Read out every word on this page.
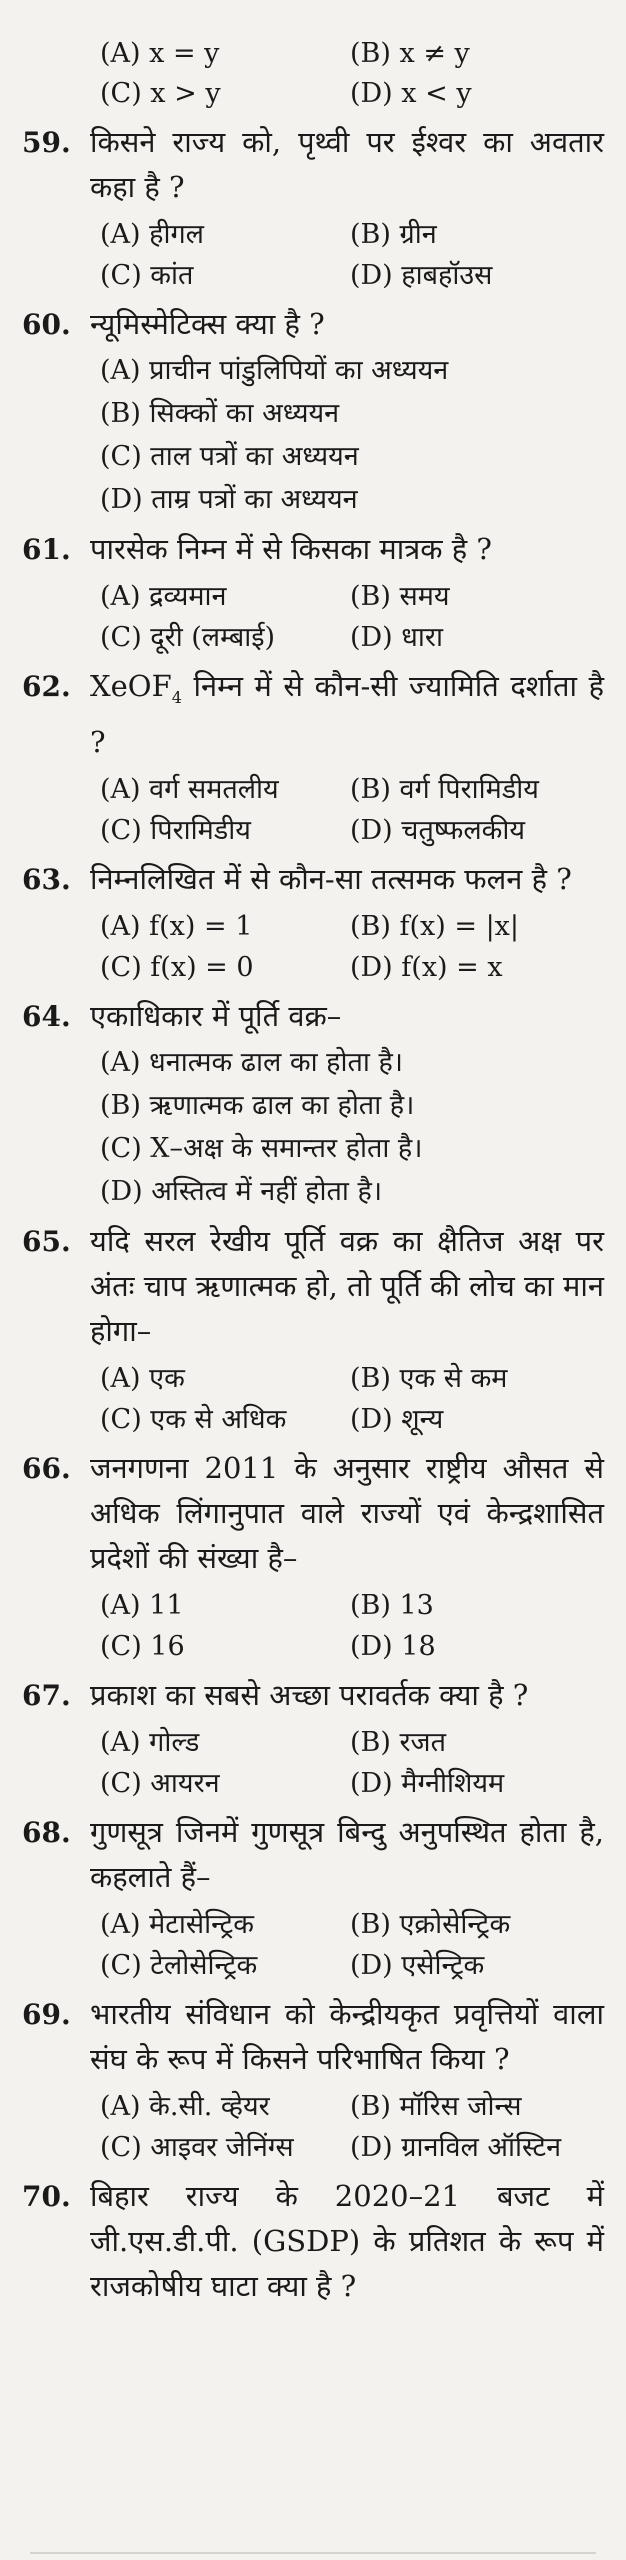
(A) x = y	(B) x ≠ y
(C) x > y	(D) x < y
59. किसने राज्य को, पृथ्वी पर ईश्वर का अवतार कहा है ?
(A) हीगल	(B) ग्रीन
(C) कांत	(D) हाबहॉउस
60. न्यूमिस्मेटिक्स क्या है ?
(A) प्राचीन पांडुलिपियों का अध्ययन
(B) सिक्कों का अध्ययन
(C) ताल पत्रों का अध्ययन
(D) ताम्र पत्रों का अध्ययन
61. पारसेक निम्न में से किसका मात्रक है ?
(A) द्रव्यमान	(B) समय
(C) दूरी (लम्बाई)	(D) धारा
62. XeOF$_4$ निम्न में से कौन-सी ज्यामिति दर्शाता है ?
(A) वर्ग समतलीय	(B) वर्ग पिरामिडीय
(C) पिरामिडीय	(D) चतुष्फलकीय
63. निम्नलिखित में से कौन-सा तत्समक फलन है ?
(A) f(x) = 1	(B) f(x) = |x|
(C) f(x) = 0	(D) f(x) = x
64. एकाधिकार में पूर्ति वक्र–
(A) धनात्मक ढाल का होता है।
(B) ऋणात्मक ढाल का होता है।
(C) X–अक्ष के समान्तर होता है।
(D) अस्तित्व में नहीं होता है।
65. यदि सरल रेखीय पूर्ति वक्र का क्षैतिज अक्ष पर अंतः चाप ऋणात्मक हो, तो पूर्ति की लोच का मान होगा–
(A) एक	(B) एक से कम
(C) एक से अधिक	(D) शून्य
66. जनगणना 2011 के अनुसार राष्ट्रीय औसत से अधिक लिंगानुपात वाले राज्यों एवं केन्द्रशासित प्रदेशों की संख्या है–
(A) 11	(B) 13
(C) 16	(D) 18
67. प्रकाश का सबसे अच्छा परावर्तक क्या है ?
(A) गोल्ड	(B) रजत
(C) आयरन	(D) मैग्नीशियम
68. गुणसूत्र जिनमें गुणसूत्र बिन्दु अनुपस्थित होता है, कहलाते हैं–
(A) मेटासेन्ट्रिक	(B) एक्रोसेन्ट्रिक
(C) टेलोसेन्ट्रिक	(D) एसेन्ट्रिक
69. भारतीय संविधान को केन्द्रीयकृत प्रवृत्तियों वाला संघ के रूप में किसने परिभाषित किया ?
(A) के.सी. व्हेयर	(B) मॉरिस जोन्स
(C) आइवर जेनिंग्स	(D) ग्रानविल ऑस्टिन
70. बिहार राज्य के 2020–21 बजट में जी.एस.डी.पी. (GSDP) के प्रतिशत के रूप में राजकोषीय घाटा क्या है ?
